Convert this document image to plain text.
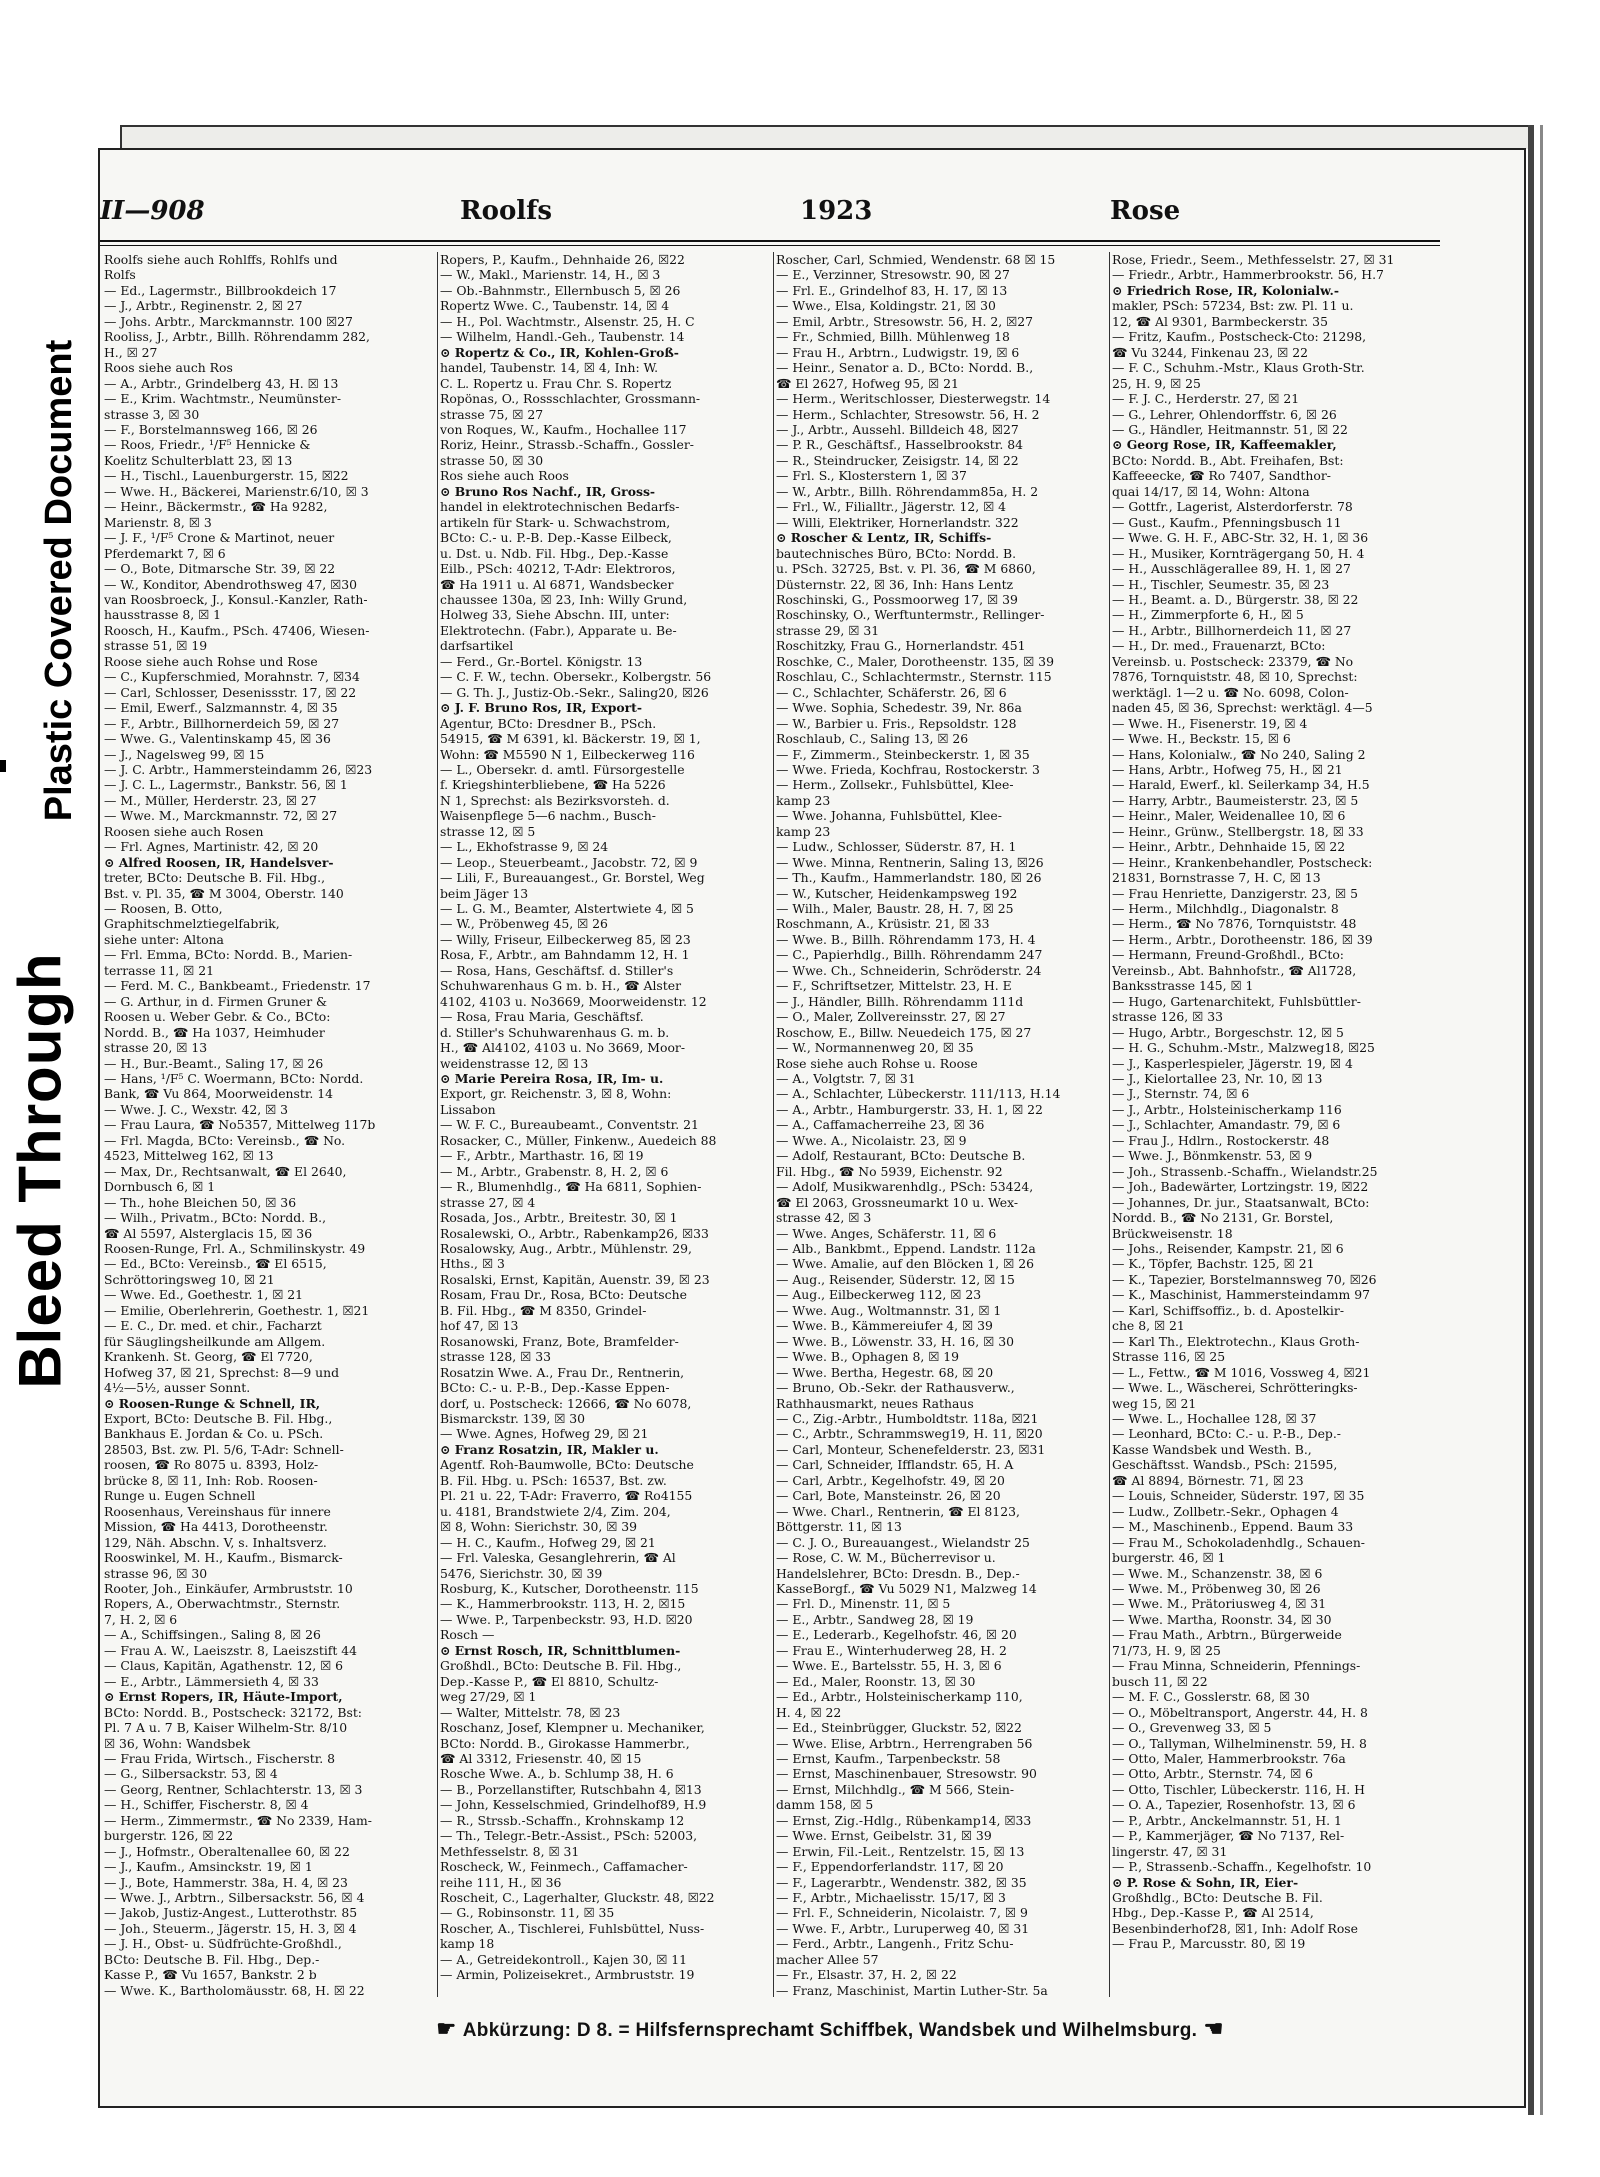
Plastic Covered Document
Bleed Through
II—908	Roolfs	1923	Rose
Roolfs siehe auch Rohlffs, Rohlfs und
Rolfs
— Ed., Lagermstr., Billbrookdeich 17
— J., Arbtr., Reginenstr. 2, ☒ 27
— Johs. Arbtr., Marckmannstr. 100 ☒27
Rooliss, J., Arbtr., Billh. Röhrendamm 282,
H., ☒ 27
Roos siehe auch Ros
— A., Arbtr., Grindelberg 43, H. ☒ 13
— E., Krim. Wachtmstr., Neumünster-
strasse 3, ☒ 30
— F., Borstelmannsweg 166, ☒ 26
— Roos, Friedr., ¹/F⁵ Hennicke &
Koelitz Schulterblatt 23, ☒ 13
— H., Tischl., Lauenburgerstr. 15, ☒22
— Wwe. H., Bäckerei, Marienstr.6/10, ☒ 3
— Heinr., Bäckermstr., ☎ Ha 9282,
Marienstr. 8, ☒ 3
— J. F., ¹/F⁵ Crone & Martinot, neuer
Pferdemarkt 7, ☒ 6
— O., Bote, Ditmarsche Str. 39, ☒ 22
— W., Konditor, Abendrothsweg 47, ☒30
van Roosbroeck, J., Konsul.-Kanzler, Rath-
hausstrasse 8, ☒ 1
Roosch, H., Kaufm., PSch. 47406, Wiesen-
strasse 51, ☒ 19
Roose siehe auch Rohse und Rose
— C., Kupferschmied, Morahnstr. 7, ☒34
— Carl, Schlosser, Desenissstr. 17, ☒ 22
— Emil, Ewerf., Salzmannstr. 4, ☒ 35
— F., Arbtr., Billhornerdeich 59, ☒ 27
— Wwe. G., Valentinskamp 45, ☒ 36
— J., Nagelsweg 99, ☒ 15
— J. C. Arbtr., Hammersteindamm 26, ☒23
— J. C. L., Lagermstr., Bankstr. 56, ☒ 1
— M., Müller, Herderstr. 23, ☒ 27
— Wwe. M., Marckmannstr. 72, ☒ 27
Roosen siehe auch Rosen
— Frl. Agnes, Martinistr. 42, ☒ 20
⊙ Alfred Roosen, IR, Handelsver-
treter, BCto: Deutsche B. Fil. Hbg.,
Bst. v. Pl. 35, ☎ M 3004, Oberstr. 140
— Roosen, B. Otto,
Graphitschmelztiegelfabrik,
siehe unter: Altona
— Frl. Emma, BCto: Nordd. B., Marien-
terrasse 11, ☒ 21
— Ferd. M. C., Bankbeamt., Friedenstr. 17
— G. Arthur, in d. Firmen Gruner &
Roosen u. Weber Gebr. & Co., BCto:
Nordd. B., ☎ Ha 1037, Heimhuder
strasse 20, ☒ 13
— H., Bur.-Beamt., Saling 17, ☒ 26
— Hans, ¹/F⁵ C. Woermann, BCto: Nordd.
Bank, ☎ Vu 864, Moorweidenstr. 14
— Wwe. J. C., Wexstr. 42, ☒ 3
— Frau Laura, ☎ No5357, Mittelweg 117b
— Frl. Magda, BCto: Vereinsb., ☎ No.
4523, Mittelweg 162, ☒ 13
— Max, Dr., Rechtsanwalt, ☎ El 2640,
Dornbusch 6, ☒ 1
— Th., hohe Bleichen 50, ☒ 36
— Wilh., Privatm., BCto: Nordd. B.,
☎ Al 5597, Alsterglacis 15, ☒ 36
Roosen-Runge, Frl. A., Schmilinskystr. 49
— Ed., BCto: Vereinsb., ☎ El 6515,
Schröttoringsweg 10, ☒ 21
— Wwe. Ed., Goethestr. 1, ☒ 21
— Emilie, Oberlehrerin, Goethestr. 1, ☒21
— E. C., Dr. med. et chir., Facharzt
für Säuglingsheilkunde am Allgem.
Krankenh. St. Georg, ☎ El 7720,
Hofweg 37, ☒ 21, Sprechst: 8—9 und
4½—5½, ausser Sonnt.
⊙ Roosen-Runge & Schnell, IR,
Export, BCto: Deutsche B. Fil. Hbg.,
Bankhaus E. Jordan & Co. u. PSch.
28503, Bst. zw. Pl. 5/6, T-Adr: Schnell-
roosen, ☎ Ro 8075 u. 8393, Holz-
brücke 8, ☒ 11, Inh: Rob. Roosen-
Runge u. Eugen Schnell
Roosenhaus, Vereinshaus für innere
Mission, ☎ Ha 4413, Dorotheenstr.
129, Näh. Abschn. V, s. Inhaltsverz.
Rooswinkel, M. H., Kaufm., Bismarck-
strasse 96, ☒ 30
Rooter, Joh., Einkäufer, Armbruststr. 10
Ropers, A., Oberwachtmstr., Sternstr.
7, H. 2, ☒ 6
— A., Schiffsingen., Saling 8, ☒ 26
— Frau A. W., Laeiszstr. 8, Laeiszstift 44
— Claus, Kapitän, Agathenstr. 12, ☒ 6
— E., Arbtr., Lämmersieth 4, ☒ 33
⊙ Ernst Ropers, IR, Häute-Import,
BCto: Nordd. B., Postscheck: 32172, Bst:
Pl. 7 A u. 7 B, Kaiser Wilhelm-Str. 8/10
☒ 36, Wohn: Wandsbek
— Frau Frida, Wirtsch., Fischerstr. 8
— G., Silbersackstr. 53, ☒ 4
— Georg, Rentner, Schlachterstr. 13, ☒ 3
— H., Schiffer, Fischerstr. 8, ☒ 4
— Herm., Zimmermstr., ☎ No 2339, Ham-
burgerstr. 126, ☒ 22
— J., Hofmstr., Oberaltenallee 60, ☒ 22
— J., Kaufm., Amsinckstr. 19, ☒ 1
— J., Bote, Hammerstr. 38a, H. 4, ☒ 23
— Wwe. J., Arbtrn., Silbersackstr. 56, ☒ 4
— Jakob, Justiz-Angest., Lutterothstr. 85
— Joh., Steuerm., Jägerstr. 15, H. 3, ☒ 4
— J. H., Obst- u. Südfrüchte-Großhdl.,
BCto: Deutsche B. Fil. Hbg., Dep.-
Kasse P., ☎ Vu 1657, Bankstr. 2 b
— Wwe. K., Bartholomäusstr. 68, H. ☒ 22
Ropers, P., Kaufm., Dehnhaide 26, ☒22
— W., Makl., Marienstr. 14, H., ☒ 3
— Ob.-Bahnmstr., Ellernbusch 5, ☒ 26
Ropertz Wwe. C., Taubenstr. 14, ☒ 4
— H., Pol. Wachtmstr., Alsenstr. 25, H. C
— Wilhelm, Handl.-Geh., Taubenstr. 14
⊙ Ropertz & Co., IR, Kohlen-Groß-
handel, Taubenstr. 14, ☒ 4, Inh: W.
C. L. Ropertz u. Frau Chr. S. Ropertz
Ropönas, O., Rossschlachter, Grossmann-
strasse 75, ☒ 27
von Roques, W., Kaufm., Hochallee 117
Roriz, Heinr., Strassb.-Schaffn., Gossler-
strasse 50, ☒ 30
Ros siehe auch Roos
⊙ Bruno Ros Nachf., IR, Gross-
handel in elektrotechnischen Bedarfs-
artikeln für Stark- u. Schwachstrom,
BCto: C.- u. P.-B. Dep.-Kasse Eilbeck,
u. Dst. u. Ndb. Fil. Hbg., Dep.-Kasse
Eilb., PSch: 40212, T-Adr: Elektroros,
☎ Ha 1911 u. Al 6871, Wandsbecker
chaussee 130a, ☒ 23, Inh: Willy Grund,
Holweg 33, Siehe Abschn. III, unter:
Elektrotechn. (Fabr.), Apparate u. Be-
darfsartikel
— Ferd., Gr.-Bortel. Königstr. 13
— C. F. W., techn. Obersekr., Kolbergstr. 56
— G. Th. J., Justiz-Ob.-Sekr., Saling20, ☒26
⊙ J. F. Bruno Ros, IR, Export-
Agentur, BCto: Dresdner B., PSch.
54915, ☎ M 6391, kl. Bäckerstr. 19, ☒ 1,
Wohn: ☎ M5590 N 1, Eilbeckerweg 116
— L., Obersekr. d. amtl. Fürsorgestelle
f. Kriegshinterbliebene, ☎ Ha 5226
N 1, Sprechst: als Bezirksvorsteh. d.
Waisenpflege 5—6 nachm., Busch-
strasse 12, ☒ 5
— L., Ekhofstrasse 9, ☒ 24
— Leop., Steuerbeamt., Jacobstr. 72, ☒ 9
— Lili, F., Bureauangest., Gr. Borstel, Weg
beim Jäger 13
— L. G. M., Beamter, Alstertwiete 4, ☒ 5
— W., Pröbenweg 45, ☒ 26
— Willy, Friseur, Eilbeckerweg 85, ☒ 23
Rosa, F., Arbtr., am Bahndamm 12, H. 1
— Rosa, Hans, Geschäftsf. d. Stiller's
Schuhwarenhaus G m. b. H., ☎ Alster
4102, 4103 u. No3669, Moorweidenstr. 12
— Rosa, Frau Maria, Geschäftsf.
d. Stiller's Schuhwarenhaus G. m. b.
H., ☎ Al4102, 4103 u. No 3669, Moor-
weidenstrasse 12, ☒ 13
⊙ Marie Pereira Rosa, IR, Im- u.
Export, gr. Reichenstr. 3, ☒ 8, Wohn:
Lissabon
— W. F. C., Bureaubeamt., Conventstr. 21
Rosacker, C., Müller, Finkenw., Auedeich 88
— F., Arbtr., Marthastr. 16, ☒ 19
— M., Arbtr., Grabenstr. 8, H. 2, ☒ 6
— R., Blumenhdlg., ☎ Ha 6811, Sophien-
strasse 27, ☒ 4
Rosada, Jos., Arbtr., Breitestr. 30, ☒ 1
Rosalewski, O., Arbtr., Rabenkamp26, ☒33
Rosalowsky, Aug., Arbtr., Mühlenstr. 29,
Hths., ☒ 3
Rosalski, Ernst, Kapitän, Auenstr. 39, ☒ 23
Rosam, Frau Dr., Rosa, BCto: Deutsche
B. Fil. Hbg., ☎ M 8350, Grindel-
hof 47, ☒ 13
Rosanowski, Franz, Bote, Bramfelder-
strasse 128, ☒ 33
Rosatzin Wwe. A., Frau Dr., Rentnerin,
BCto: C.- u. P.-B., Dep.-Kasse Eppen-
dorf, u. Postscheck: 12666, ☎ No 6078,
Bismarckstr. 139, ☒ 30
— Wwe. Agnes, Hofweg 29, ☒ 21
⊙ Franz Rosatzin, IR, Makler u.
Agentf. Roh-Baumwolle, BCto: Deutsche
B. Fil. Hbg. u. PSch: 16537, Bst. zw.
Pl. 21 u. 22, T-Adr: Fraverro, ☎ Ro4155
u. 4181, Brandstwiete 2/4, Zim. 204,
☒ 8, Wohn: Sierichstr. 30, ☒ 39
— H. C., Kaufm., Hofweg 29, ☒ 21
— Frl. Valeska, Gesanglehrerin, ☎ Al
5476, Sierichstr. 30, ☒ 39
Rosburg, K., Kutscher, Dorotheenstr. 115
— K., Hammerbrookstr. 113, H. 2, ☒15
— Wwe. P., Tarpenbeckstr. 93, H.D. ☒20
Rosch —
⊙ Ernst Rosch, IR, Schnittblumen-
Großhdl., BCto: Deutsche B. Fil. Hbg.,
Dep.-Kasse P., ☎ El 8810, Schultz-
weg 27/29, ☒ 1
— Walter, Mittelstr. 78, ☒ 23
Roschanz, Josef, Klempner u. Mechaniker,
BCto: Nordd. B., Girokasse Hammerbr.,
☎ Al 3312, Friesenstr. 40, ☒ 15
Rosche Wwe. A., b. Schlump 38, H. 6
— B., Porzellanstifter, Rutschbahn 4, ☒13
— John, Kesselschmied, Grindelhof89, H.9
— R., Strssb.-Schaffn., Krohnskamp 12
— Th., Telegr.-Betr.-Assist., PSch: 52003,
Methfesselstr. 8, ☒ 31
Roscheck, W., Feinmech., Caffamacher-
reihe 111, H., ☒ 36
Roscheit, C., Lagerhalter, Gluckstr. 48, ☒22
— G., Robinsonstr. 11, ☒ 35
Roscher, A., Tischlerei, Fuhlsbüttel, Nuss-
kamp 18
— A., Getreidekontroll., Kajen 30, ☒ 11
— Armin, Polizeisekret., Armbruststr. 19
Roscher, Carl, Schmied, Wendenstr. 68 ☒ 15
— E., Verzinner, Stresowstr. 90, ☒ 27
— Frl. E., Grindelhof 83, H. 17, ☒ 13
— Wwe., Elsa, Koldingstr. 21, ☒ 30
— Emil, Arbtr., Stresowstr. 56, H. 2, ☒27
— Fr., Schmied, Billh. Mühlenweg 18
— Frau H., Arbtrn., Ludwigstr. 19, ☒ 6
— Heinr., Senator a. D., BCto: Nordd. B.,
☎ El 2627, Hofweg 95, ☒ 21
— Herm., Weritschlosser, Diesterwegstr. 14
— Herm., Schlachter, Stresowstr. 56, H. 2
— J., Arbtr., Aussehl. Billdeich 48, ☒27
— P. R., Geschäftsf., Hasselbrookstr. 84
— R., Steindrucker, Zeisigstr. 14, ☒ 22
— Frl. S., Klosterstern 1, ☒ 37
— W., Arbtr., Billh. Röhrendamm85a, H. 2
— Frl., W., Filialltr., Jägerstr. 12, ☒ 4
— Willi, Elektriker, Hornerlandstr. 322
⊙ Roscher & Lentz, IR, Schiffs-
bautechnisches Büro, BCto: Nordd. B.
u. PSch. 32725, Bst. v. Pl. 36, ☎ M 6860,
Düsternstr. 22, ☒ 36, Inh: Hans Lentz
Roschinski, G., Possmoorweg 17, ☒ 39
Roschinsky, O., Werftuntermstr., Rellinger-
strasse 29, ☒ 31
Roschitzky, Frau G., Hornerlandstr. 451
Roschke, C., Maler, Dorotheenstr. 135, ☒ 39
Roschlau, C., Schlachtermstr., Sternstr. 115
— C., Schlachter, Schäferstr. 26, ☒ 6
— Wwe. Sophia, Schedestr. 39, Nr. 86a
— W., Barbier u. Fris., Repsoldstr. 128
Roschlaub, C., Saling 13, ☒ 26
— F., Zimmerm., Steinbeckerstr. 1, ☒ 35
— Wwe. Frieda, Kochfrau, Rostockerstr. 3
— Herm., Zollsekr., Fuhlsbüttel, Klee-
kamp 23
— Wwe. Johanna, Fuhlsbüttel, Klee-
kamp 23
— Ludw., Schlosser, Süderstr. 87, H. 1
— Wwe. Minna, Rentnerin, Saling 13, ☒26
— Th., Kaufm., Hammerlandstr. 180, ☒ 26
— W., Kutscher, Heidenkampsweg 192
— Wilh., Maler, Baustr. 28, H. 7, ☒ 25
Roschmann, A., Krüsistr. 21, ☒ 33
— Wwe. B., Billh. Röhrendamm 173, H. 4
— C., Papierhdlg., Billh. Röhrendamm 247
— Wwe. Ch., Schneiderin, Schröderstr. 24
— F., Schriftsetzer, Mittelstr. 23, H. E
— J., Händler, Billh. Röhrendamm 111d
— O., Maler, Zollvereinsstr. 27, ☒ 27
Roschow, E., Billw. Neuedeich 175, ☒ 27
— W., Normannenweg 20, ☒ 35
Rose siehe auch Rohse u. Roose
— A., Volgtstr. 7, ☒ 31
— A., Schlachter, Lübeckerstr. 111/113, H.14
— A., Arbtr., Hamburgerstr. 33, H. 1, ☒ 22
— A., Caffamacherreihe 23, ☒ 36
— Wwe. A., Nicolaistr. 23, ☒ 9
— Adolf, Restaurant, BCto: Deutsche B.
Fil. Hbg., ☎ No 5939, Eichenstr. 92
— Adolf, Musikwarenhdlg., PSch: 53424,
☎ El 2063, Grossneumarkt 10 u. Wex-
strasse 42, ☒ 3
— Wwe. Anges, Schäferstr. 11, ☒ 6
— Alb., Bankbmt., Eppend. Landstr. 112a
— Wwe. Amalie, auf den Blöcken 1, ☒ 26
— Aug., Reisender, Süderstr. 12, ☒ 15
— Aug., Eilbeckerweg 112, ☒ 23
— Wwe. Aug., Woltmannstr. 31, ☒ 1
— Wwe. B., Kämmereiufer 4, ☒ 39
— Wwe. B., Löwenstr. 33, H. 16, ☒ 30
— Wwe. B., Ophagen 8, ☒ 19
— Wwe. Bertha, Hegestr. 68, ☒ 20
— Bruno, Ob.-Sekr. der Rathausverw.,
Rathhausmarkt, neues Rathaus
— C., Zig.-Arbtr., Humboldtstr. 118a, ☒21
— C., Arbtr., Schrammsweg19, H. 11, ☒20
— Carl, Monteur, Schenefelderstr. 23, ☒31
— Carl, Schneider, Ifflandstr. 65, H. A
— Carl, Arbtr., Kegelhofstr. 49, ☒ 20
— Carl, Bote, Mansteinstr. 26, ☒ 20
— Wwe. Charl., Rentnerin, ☎ El 8123,
Böttgerstr. 11, ☒ 13
— C. J. O., Bureauangest., Wielandstr 25
— Rose, C. W. M., Bücherrevisor u.
Handelslehrer, BCto: Dresdn. B., Dep.-
KasseBorgf., ☎ Vu 5029 N1, Malzweg 14
— Frl. D., Minenstr. 11, ☒ 5
— E., Arbtr., Sandweg 28, ☒ 19
— E., Lederarb., Kegelhofstr. 46, ☒ 20
— Frau E., Winterhuderweg 28, H. 2
— Wwe. E., Bartelsstr. 55, H. 3, ☒ 6
— Ed., Maler, Roonstr. 13, ☒ 30
— Ed., Arbtr., Holsteinischerkamp 110,
H. 4, ☒ 22
— Ed., Steinbrügger, Gluckstr. 52, ☒22
— Wwe. Elise, Arbtrn., Herrengraben 56
— Ernst, Kaufm., Tarpenbeckstr. 58
— Ernst, Maschinenbauer, Stresowstr. 90
— Ernst, Milchhdlg., ☎ M 566, Stein-
damm 158, ☒ 5
— Ernst, Zig.-Hdlg., Rübenkamp14, ☒33
— Wwe. Ernst, Geibelstr. 31, ☒ 39
— Erwin, Fil.-Leit., Rentzelstr. 15, ☒ 13
— F., Eppendorferlandstr. 117, ☒ 20
— F., Lagerarbtr., Wendenstr. 382, ☒ 35
— F., Arbtr., Michaelisstr. 15/17, ☒ 3
— Frl. F., Schneiderin, Nicolaistr. 7, ☒ 9
— Wwe. F., Arbtr., Luruperweg 40, ☒ 31
— Ferd., Arbtr., Langenh., Fritz Schu-
macher Allee 57
— Fr., Elsastr. 37, H. 2, ☒ 22
— Franz, Maschinist, Martin Luther-Str. 5a
Rose, Friedr., Seem., Methfesselstr. 27, ☒ 31
— Friedr., Arbtr., Hammerbrookstr. 56, H.7
⊙ Friedrich Rose, IR, Kolonialw.-
makler, PSch: 57234, Bst: zw. Pl. 11 u.
12, ☎ Al 9301, Barmbeckerstr. 35
— Fritz, Kaufm., Postscheck-Cto: 21298,
☎ Vu 3244, Finkenau 23, ☒ 22
— F. C., Schuhm.-Mstr., Klaus Groth-Str.
25, H. 9, ☒ 25
— F. J. C., Herderstr. 27, ☒ 21
— G., Lehrer, Ohlendorffstr. 6, ☒ 26
— G., Händler, Heitmannstr. 51, ☒ 22
⊙ Georg Rose, IR, Kaffeemakler,
BCto: Nordd. B., Abt. Freihafen, Bst:
Kaffeeecke, ☎ Ro 7407, Sandthor-
quai 14/17, ☒ 14, Wohn: Altona
— Gottfr., Lagerist, Alsterdorferstr. 78
— Gust., Kaufm., Pfenningsbusch 11
— Wwe. G. H. F., ABC-Str. 32, H. 1, ☒ 36
— H., Musiker, Kornträgergang 50, H. 4
— H., Ausschlägerallee 89, H. 1, ☒ 27
— H., Tischler, Seumestr. 35, ☒ 23
— H., Beamt. a. D., Bürgerstr. 38, ☒ 22
— H., Zimmerpforte 6, H., ☒ 5
— H., Arbtr., Billhornerdeich 11, ☒ 27
— H., Dr. med., Frauenarzt, BCto:
Vereinsb. u. Postscheck: 23379, ☎ No
7876, Tornquiststr. 48, ☒ 10, Sprechst:
werktägl. 1—2 u. ☎ No. 6098, Colon-
naden 45, ☒ 36, Sprechst: werktägl. 4—5
— Wwe. H., Fisenerstr. 19, ☒ 4
— Wwe. H., Beckstr. 15, ☒ 6
— Hans, Kolonialw., ☎ No 240, Saling 2
— Hans, Arbtr., Hofweg 75, H., ☒ 21
— Harald, Ewerf., kl. Seilerkamp 34, H.5
— Harry, Arbtr., Baumeisterstr. 23, ☒ 5
— Heinr., Maler, Weidenallee 10, ☒ 6
— Heinr., Grünw., Stellbergstr. 18, ☒ 33
— Heinr., Arbtr., Dehnhaide 15, ☒ 22
— Heinr., Krankenbehandler, Postscheck:
21831, Bornstrasse 7, H. C, ☒ 13
— Frau Henriette, Danzigerstr. 23, ☒ 5
— Herm., Milchhdlg., Diagonalstr. 8
— Herm., ☎ No 7876, Tornquiststr. 48
— Herm., Arbtr., Dorotheenstr. 186, ☒ 39
— Hermann, Freund-Großhdl., BCto:
Vereinsb., Abt. Bahnhofstr., ☎ Al1728,
Banksstrasse 145, ☒ 1
— Hugo, Gartenarchitekt, Fuhlsbüttler-
strasse 126, ☒ 33
— Hugo, Arbtr., Borgeschstr. 12, ☒ 5
— H. G., Schuhm.-Mstr., Malzweg18, ☒25
— J., Kasperlespieler, Jägerstr. 19, ☒ 4
— J., Kielortallee 23, Nr. 10, ☒ 13
— J., Sternstr. 74, ☒ 6
— J., Arbtr., Holsteinischerkamp 116
— J., Schlachter, Amandastr. 79, ☒ 6
— Frau J., Hdlrn., Rostockerstr. 48
— Wwe. J., Bönmkenstr. 53, ☒ 9
— Joh., Strassenb.-Schaffn., Wielandstr.25
— Joh., Badewärter, Lortzingstr. 19, ☒22
— Johannes, Dr. jur., Staatsanwalt, BCto:
Nordd. B., ☎ No 2131, Gr. Borstel,
Brückweisenstr. 18
— Johs., Reisender, Kampstr. 21, ☒ 6
— K., Töpfer, Bachstr. 125, ☒ 21
— K., Tapezier, Borstelmannsweg 70, ☒26
— K., Maschinist, Hammersteindamm 97
— Karl, Schiffsoffiz., b. d. Apostelkir-
che 8, ☒ 21
— Karl Th., Elektrotechn., Klaus Groth-
Strasse 116, ☒ 25
— L., Fettw., ☎ M 1016, Vossweg 4, ☒21
— Wwe. L., Wäscherei, Schrötteringks-
weg 15, ☒ 21
— Wwe. L., Hochallee 128, ☒ 37
— Leonhard, BCto: C.- u. P.-B., Dep.-
Kasse Wandsbek und Westh. B.,
Geschäftsst. Wandsb., PSch: 21595,
☎ Al 8894, Börnestr. 71, ☒ 23
— Louis, Schneider, Süderstr. 197, ☒ 35
— Ludw., Zollbetr.-Sekr., Ophagen 4
— M., Maschinenb., Eppend. Baum 33
— Frau M., Schokoladenhdlg., Schauen-
burgerstr. 46, ☒ 1
— Wwe. M., Schanzenstr. 38, ☒ 6
— Wwe. M., Pröbenweg 30, ☒ 26
— Wwe. M., Prätoriusweg 4, ☒ 31
— Wwe. Martha, Roonstr. 34, ☒ 30
— Frau Math., Arbtrn., Bürgerweide
71/73, H. 9, ☒ 25
— Frau Minna, Schneiderin, Pfennings-
busch 11, ☒ 22
— M. F. C., Gosslerstr. 68, ☒ 30
— O., Möbeltransport, Angerstr. 44, H. 8
— O., Grevenweg 33, ☒ 5
— O., Tallyman, Wilhelminenstr. 59, H. 8
— Otto, Maler, Hammerbrookstr. 76a
— Otto, Arbtr., Sternstr. 74, ☒ 6
— Otto, Tischler, Lübeckerstr. 116, H. H
— O. A., Tapezier, Rosenhofstr. 13, ☒ 6
— P., Arbtr., Anckelmannstr. 51, H. 1
— P., Kammerjäger, ☎ No 7137, Rel-
lingerstr. 47, ☒ 31
— P., Strassenb.-Schaffn., Kegelhofstr. 10
⊙ P. Rose & Sohn, IR, Eier-
Großhdlg., BCto: Deutsche B. Fil.
Hbg., Dep.-Kasse P., ☎ Al 2514,
Besenbinderhof28, ☒1, Inh: Adolf Rose
— Frau P., Marcusstr. 80, ☒ 19
☛ Abkürzung: D 8. = Hilfsfernsprechamt Schiffbek, Wandsbek und Wilhelmsburg. ☚
